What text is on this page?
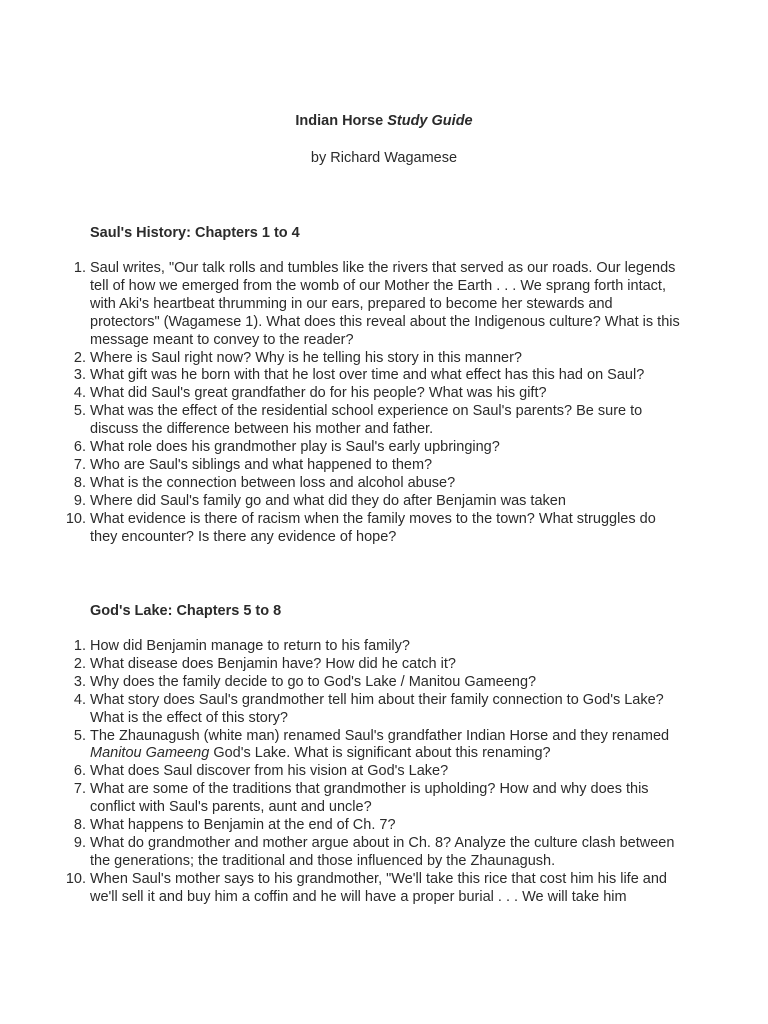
Indian Horse Study Guide

by Richard Wagamese

Saul's History: Chapters 1 to 4
1. Saul writes, "Our talk rolls and tumbles like the rivers that served as our roads. Our legends tell of how we emerged from the womb of our Mother the Earth . . . We sprang forth intact, with Aki's heartbeat thrumming in our ears, prepared to become her stewards and protectors" (Wagamese 1). What does this reveal about the Indigenous culture? What is this message meant to convey to the reader?
2. Where is Saul right now? Why is he telling his story in this manner?
3. What gift was he born with that he lost over time and what effect has this had on Saul?
4. What did Saul's great grandfather do for his people? What was his gift?
5. What was the effect of the residential school experience on Saul's parents? Be sure to discuss the difference between his mother and father.
6. What role does his grandmother play is Saul's early upbringing?
7. Who are Saul's siblings and what happened to them?
8. What is the connection between loss and alcohol abuse?
9. Where did Saul's family go and what did they do after Benjamin was taken
10. What evidence is there of racism when the family moves to the town? What struggles do they encounter? Is there any evidence of hope?
God's Lake: Chapters 5 to 8
1. How did Benjamin manage to return to his family?
2. What disease does Benjamin have? How did he catch it?
3. Why does the family decide to go to God's Lake / Manitou Gameeng?
4. What story does Saul's grandmother tell him about their family connection to God's Lake? What is the effect of this story?
5. The Zhaunagush (white man) renamed Saul's grandfather Indian Horse and they renamed Manitou Gameeng God's Lake. What is significant about this renaming?
6. What does Saul discover from his vision at God's Lake?
7. What are some of the traditions that grandmother is upholding? How and why does this conflict with Saul's parents, aunt and uncle?
8. What happens to Benjamin at the end of Ch. 7?
9. What do grandmother and mother argue about in Ch. 8? Analyze the culture clash between the generations; the traditional and those influenced by the Zhaunagush.
10. When Saul's mother says to his grandmother, "We'll take this rice that cost him his life and we'll sell it and buy him a coffin and he will have a proper burial . . . We will take him
